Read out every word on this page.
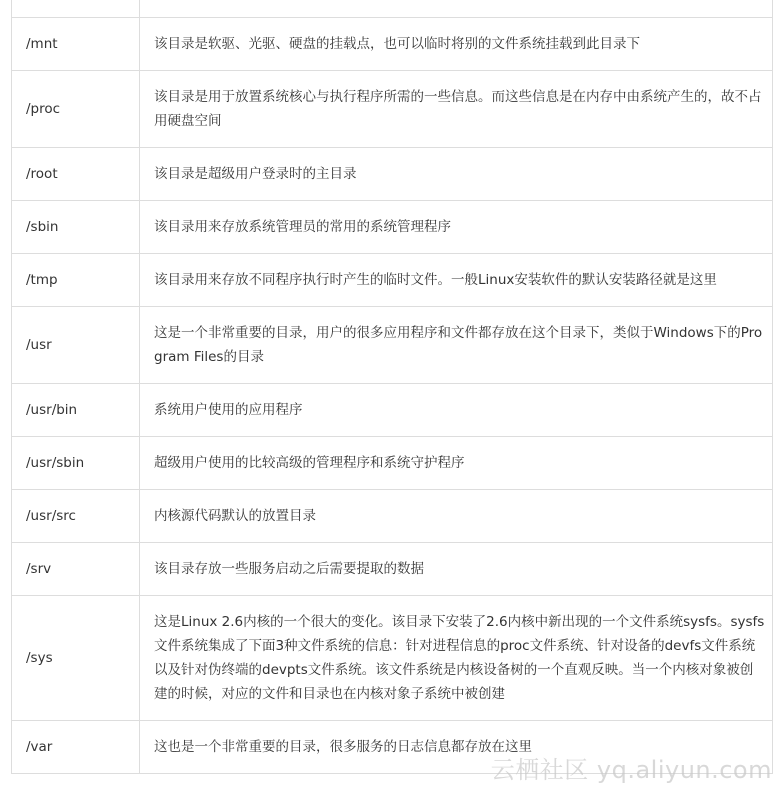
/mnt	该目录是软驱、光驱、硬盘的挂载点，也可以临时将别的文件系统挂载到此目录下
/proc	该目录是用于放置系统核心与执行程序所需的一些信息。而这些信息是在内存中由系统产生的，故不占用硬盘空间
/root	该目录是超级用户登录时的主目录
/sbin	该目录用来存放系统管理员的常用的系统管理程序
/tmp	该目录用来存放不同程序执行时产生的临时文件。一般Linux安装软件的默认安装路径就是这里
/usr	这是一个非常重要的目录，用户的很多应用程序和文件都存放在这个目录下，类似于Windows下的Program Files的目录
/usr/bin	系统用户使用的应用程序
/usr/sbin	超级用户使用的比较高级的管理程序和系统守护程序
/usr/src	内核源代码默认的放置目录
/srv	该目录存放一些服务启动之后需要提取的数据
/sys	这是Linux 2.6内核的一个很大的变化。该目录下安装了2.6内核中新出现的一个文件系统sysfs。sysfs文件系统集成了下面3种文件系统的信息：针对进程信息的proc文件系统、针对设备的devfs文件系统以及针对伪终端的devpts文件系统。该文件系统是内核设备树的一个直观反映。当一个内核对象被创建的时候，对应的文件和目录也在内核对象子系统中被创建
/var	这也是一个非常重要的目录，很多服务的日志信息都存放在这里
云栖社区 yq.aliyun.com
